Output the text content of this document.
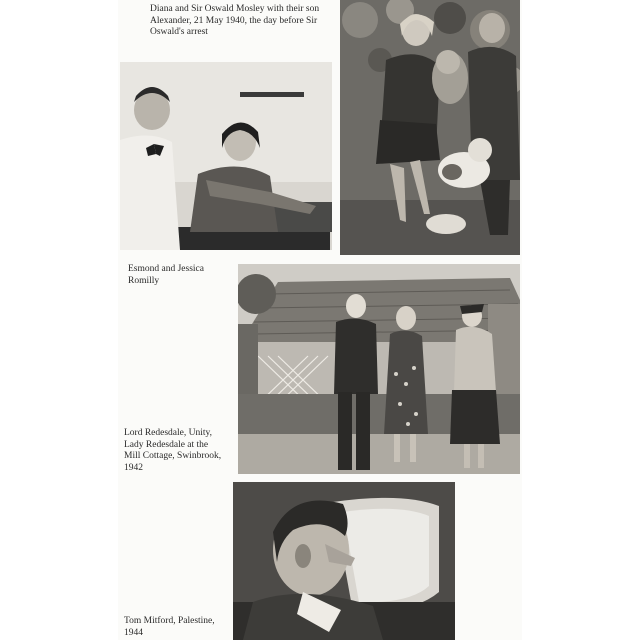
Diana and Sir Oswald Mosley with their son
Alexander, 21 May 1940, the day before Sir
Oswald's arrest
Esmond and Jessica
Romilly
Lord Redesdale, Unity,
Lady Redesdale at the
Mill Cottage, Swinbrook,
1942
Tom Mitford, Palestine,
1944
